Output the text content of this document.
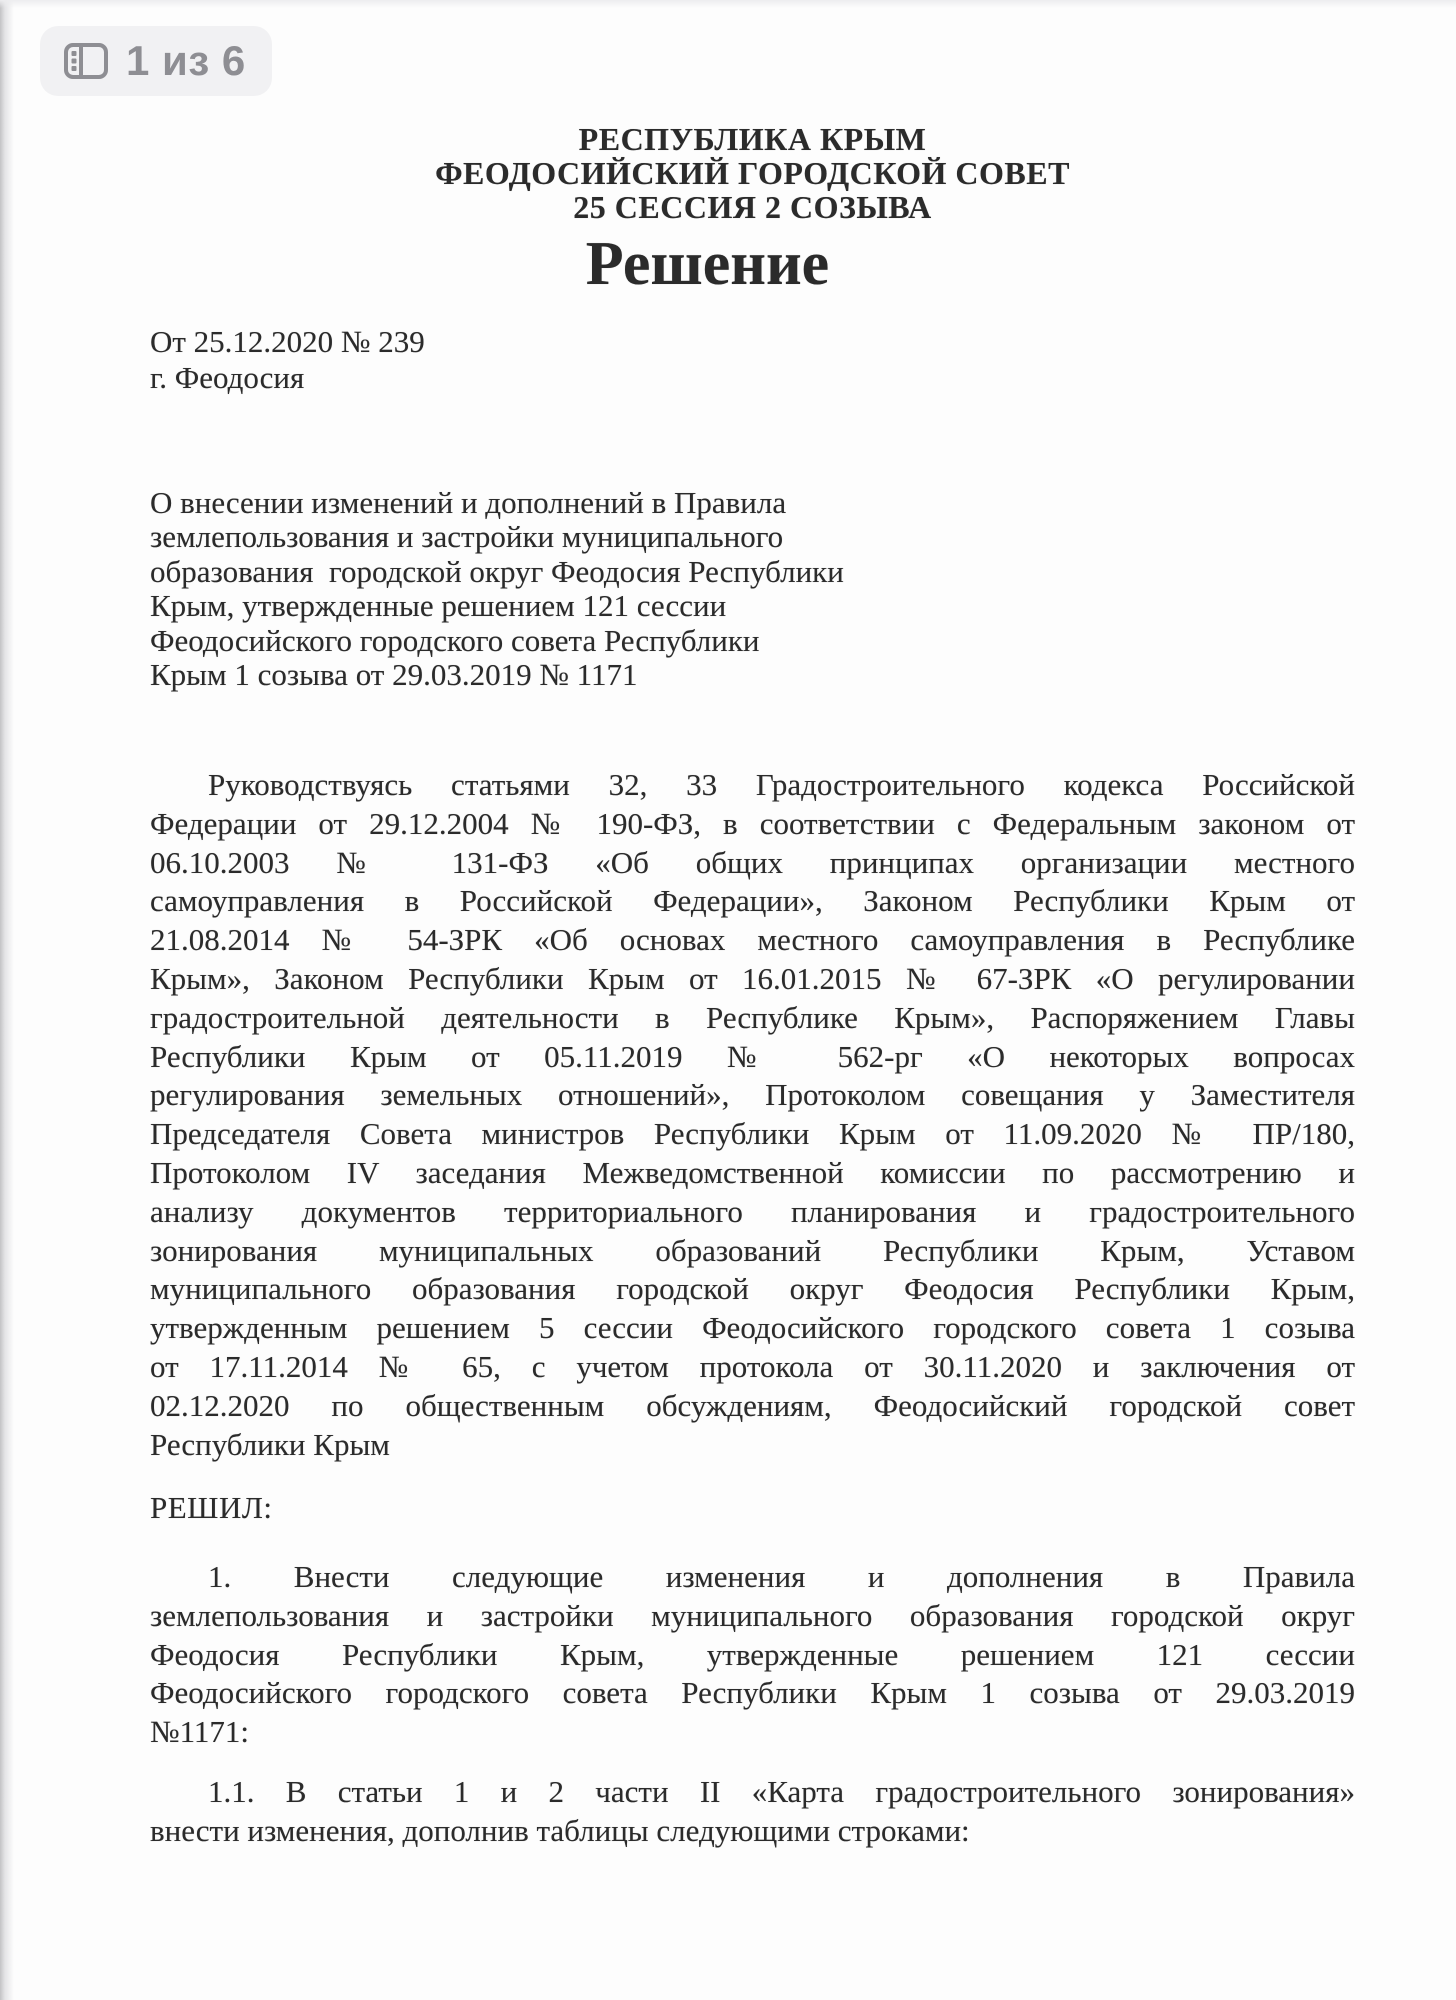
1 из 6
РЕСПУБЛИКА КРЫМ
ФЕОДОСИЙСКИЙ ГОРОДСКОЙ СОВЕТ
25 СЕССИЯ 2 СОЗЫВА
Решение
От 25.12.2020 № 239
г. Феодосия
О внесении изменений и дополнений в Правила
землепользования и застройки муниципального
образования  городской округ Феодосия Республики
Крым, утвержденные решением 121 сессии
Феодосийского городского совета Республики
Крым 1 созыва от 29.03.2019 № 1171
Руководствуясь статьями 32, 33 Градостроительного кодекса Российской
Федерации от 29.12.2004 № 190-ФЗ, в соответствии с Федеральным законом от
06.10.2003 № 131-ФЗ «Об общих принципах организации местного
самоуправления в Российской Федерации», Законом Республики Крым от
21.08.2014 № 54-ЗРК «Об основах местного самоуправления в Республике
Крым», Законом Республики Крым от 16.01.2015 № 67-ЗРК «О регулировании
градостроительной деятельности в Республике Крым», Распоряжением Главы
Республики Крым от 05.11.2019 № 562-рг «О некоторых вопросах
регулирования земельных отношений», Протоколом совещания у Заместителя
Председателя Совета министров Республики Крым от 11.09.2020 № ПР/180,
Протоколом IV заседания Межведомственной комиссии по рассмотрению и
анализу документов территориального планирования и градостроительного
зонирования муниципальных образований Республики Крым, Уставом
муниципального образования городской округ Феодосия Республики Крым,
утвержденным решением 5 сессии Феодосийского городского совета 1 созыва
от 17.11.2014 № 65, с учетом протокола от 30.11.2020 и заключения от
02.12.2020 по общественным обсуждениям, Феодосийский городской совет
Республики Крым
РЕШИЛ:
1. Внести следующие изменения и дополнения в Правила
землепользования и застройки муниципального образования городской округ
Феодосия Республики Крым, утвержденные решением 121 сессии
Феодосийского городского совета Республики Крым 1 созыва от 29.03.2019
№1171:
1.1. В статьи 1 и 2 части II «Карта градостроительного зонирования»
внести изменения, дополнив таблицы следующими строками:
